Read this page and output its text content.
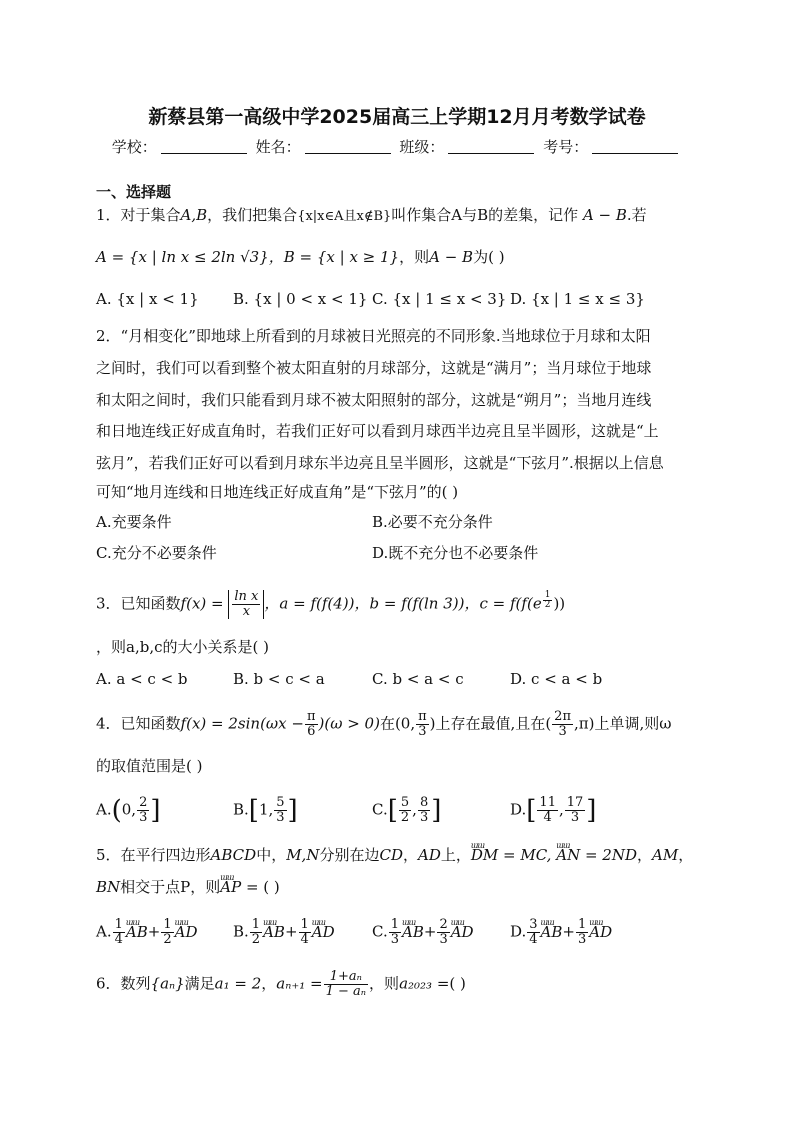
新蔡县第一高级中学2025届高三上学期12月月考数学试卷
学校：	姓名：	班级：	考号：
一、选择题
1．对于集合A,B，我们把集合{x|x∈A且x∉B}叫作集合A与B的差集，记作 A − B.若
A = {x | ln x ≤ 2ln √3}，B = {x | x ≥ 1}，则A − B为( )
A. {x | x < 1} B. {x | 0 < x < 1} C. {x | 1 ≤ x < 3} D. {x | 1 ≤ x ≤ 3}
2．“月相变化”即地球上所看到的月球被日光照亮的不同形象.当地球位于月球和太阳
之间时，我们可以看到整个被太阳直射的月球部分，这就是“满月”；当月球位于地球
和太阳之间时，我们只能看到月球不被太阳照射的部分，这就是“朔月”；当地月连线
和日地连线正好成直角时，若我们正好可以看到月球西半边亮且呈半圆形，这就是“上
弦月”，若我们正好可以看到月球东半边亮且呈半圆形，这就是“下弦月”.根据以上信息
可知“地月连线和日地连线正好成直角”是“下弦月”的( )
A.充要条件	B.必要不充分条件
C.充分不必要条件	D.既不充分也不必要条件
3．已知函数$f(x) = \frac{\text{ln x}}{x}$ ，a = f(f(4))，b = f(f(ln 3))，c = f(f(e $^{\frac{1}{2}}$ ))
，则a,b,c的大小关系是( )
A. a < c < b	B. b < c < a	C. b < a < c	D. c < a < b
4．已知函数$f(x) = 2\sin(\omega x - \frac{\pi}{6} )(\omega > 0)$在(0, $\frac{\pi}{3}$ )上存在最值,且在( $\frac{2\pi}{3} ,\pi$)上单调,则ω
的取值范围是( )
A.(0, $\frac{2}{3}$ ]	B.[1, $\frac{5}{3}$ ]	$C.[ \frac{5}{2}$ , $\frac{8}{3}$ ]	$D.[ \frac{11}{4}$ , $\frac{17}{3}$ ]
5．在平行四边形ABCD中，M,N分别在边CD，AD上，ɯɯ DM = MC, ɯɯ AN = 2ND，AM，
BN相交于点P，则ɯɯ AP = ( )
A. $\frac{1}{4}$ ɯɯ $AB+ \frac{1}{2}$ ɯɯ AD B. $\frac{1}{2}$ ɯɯ $AB+ \frac{1}{4}$ ɯɯ AD C. $\frac{1}{3}$ ɯɯ $AB+ \frac{2}{3}$ ɯɯ AD D. $\frac{3}{4}$ ɯɯ $AB+ \frac{1}{3}$ ɯɯ AD
6．数列{aₙ}满足a₁ = 2，$a_{n+1} = \frac{\text{1+aₙ}}{\text{1 − aₙ}}$ ，则a₂₀₂₃ =( )
